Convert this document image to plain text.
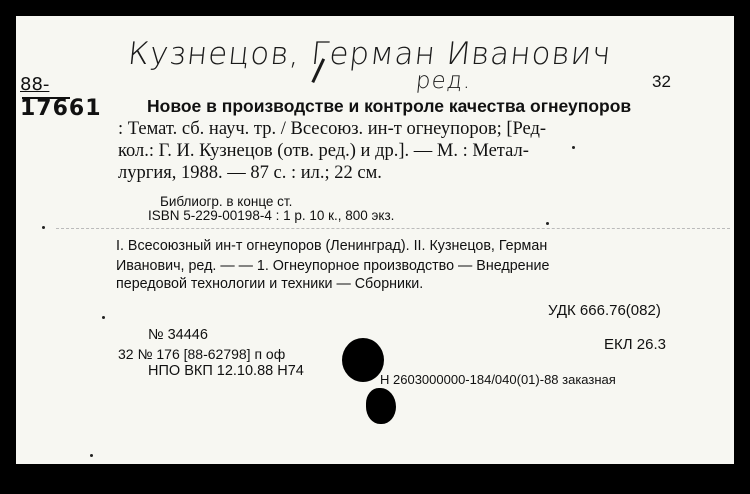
Кузнецов, Герман Иванович
ред.
88-
17661
32
Новое в производстве и контроле качества огнеупоров
: Темат. сб. науч. тр. / Всесоюз. ин-т огнеупоров; [Ред-
кол.: Г. И. Кузнецов (отв. ред.) и др.]. — М. : Метал-
лургия, 1988. — 87 с. : ил.; 22 см.
Библиогр. в конце ст.
ISBN 5-229-00198-4 : 1 р. 10 к., 800 экз.
I. Всесоюзный ин-т огнеупоров (Ленинград). II. Кузнецов, Герман
Иванович, ред. — — 1. Огнеупорное производство — Внедрение
передовой технологии и техники — Сборники.
УДК 666.76(082)
№ 34446
ЕКЛ 26.3
32 № 176 [88-62798] п оф
НПО ВКП 12.10.88 Н74
Н 2603000000-184/040(01)-88 заказная
